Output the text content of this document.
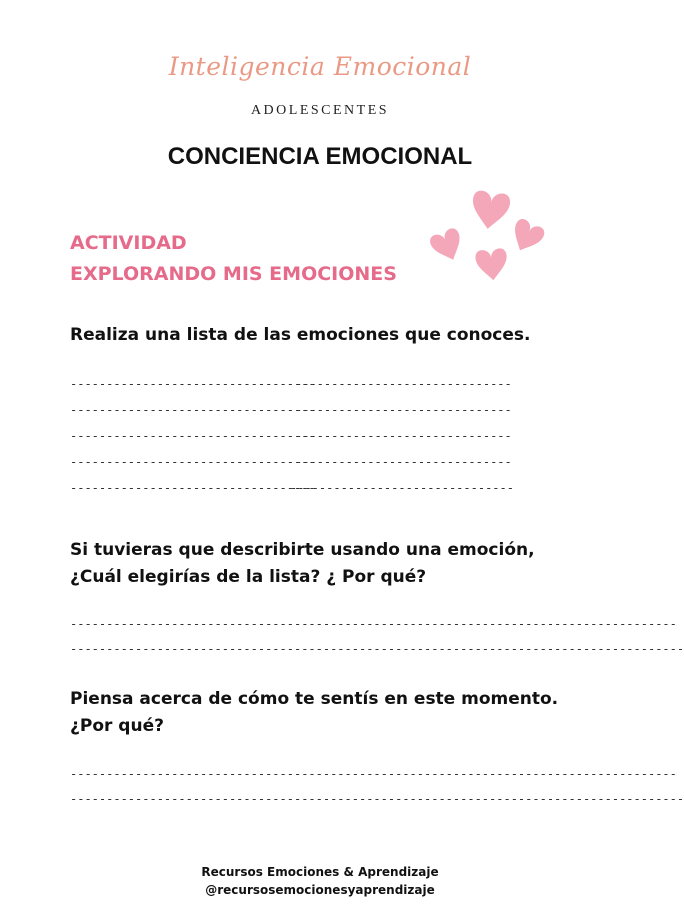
Inteligencia Emocional
ADOLESCENTES
CONCIENCIA EMOCIONAL
ACTIVIDAD
EXPLORANDO MIS EMOCIONES
Realiza una lista de las emociones que conoces.
----------------------------------
----------------------------------
----------------------------------
----------------------------------
----------------------------------
------------------------------
------------------------------
------------------------------
------------------------------
-------------------------------
Si tuvieras que describirte usando una emoción,
¿Cuál elegirías de la lista? ¿ Por qué?
------------------------------------------------------------------------------------
-------------------------------------------------------------------------------------
Piensa acerca de cómo te sentís en este momento.
¿Por qué?
------------------------------------------------------------------------------------
-------------------------------------------------------------------------------------
Recursos Emociones & Aprendizaje
@recursosemocionesyaprendizaje
